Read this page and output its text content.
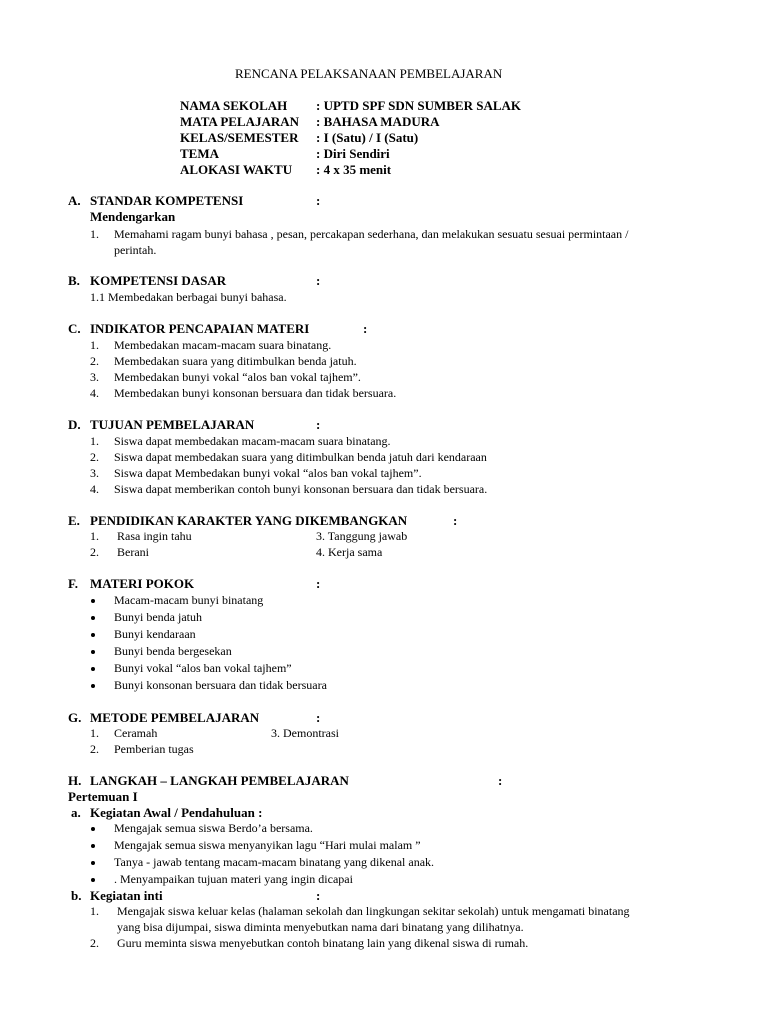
RENCANA PELAKSANAAN PEMBELAJARAN
NAMA SEKOLAH : UPTD SPF SDN SUMBER SALAK
MATA PELAJARAN : BAHASA MADURA
KELAS/SEMESTER : I (Satu) / I (Satu)
TEMA	: Diri Sendiri
ALOKASI WAKTU : 4 x 35 menit
A. STANDAR KOMPETENSI	:
Mendengarkan
1. Memahami ragam bunyi bahasa , pesan, percakapan sederhana, dan melakukan sesuatu sesuai permintaan /
perintah.
B. KOMPETENSI DASAR	:
1.1 Membedakan berbagai bunyi bahasa.
C. INDIKATOR PENCAPAIAN MATERI	:
1. Membedakan macam-macam suara binatang.
2. Membedakan suara yang ditimbulkan benda jatuh.
3. Membedakan bunyi vokal “alos ban vokal tajhem”.
4. Membedakan bunyi konsonan bersuara dan tidak bersuara.
D. TUJUAN PEMBELAJARAN	:
1. Siswa dapat membedakan macam-macam suara binatang.
2. Siswa dapat membedakan suara yang ditimbulkan benda jatuh dari kendaraan
3. Siswa dapat Membedakan bunyi vokal “alos ban vokal tajhem”.
4. Siswa dapat memberikan contoh bunyi konsonan bersuara dan tidak bersuara.
E. PENDIDIKAN KARAKTER YANG DIKEMBANGKAN	:
1. Rasa ingin tahu	3. Tanggung jawab
2. Berani	4. Kerja sama
F. MATERI POKOK	:
Macam-macam bunyi binatang
Bunyi benda jatuh
Bunyi kendaraan
Bunyi benda bergesekan
Bunyi vokal “alos ban vokal tajhem”
Bunyi konsonan bersuara dan tidak bersuara
G. METODE PEMBELAJARAN	:
1. Ceramah	3. Demontrasi
2. Pemberian tugas
H. LANGKAH – LANGKAH PEMBELAJARAN	:
Pertemuan I
a. Kegiatan Awal / Pendahuluan :
Mengajak semua siswa Berdo’a bersama.
Mengajak semua siswa menyanyikan lagu “Hari mulai malam ”
Tanya - jawab tentang macam-macam binatang yang dikenal anak.
. Menyampaikan tujuan materi yang ingin dicapai
b. Kegiatan inti	:
1. Mengajak siswa keluar kelas (halaman sekolah dan lingkungan sekitar sekolah) untuk mengamati binatang
yang bisa dijumpai, siswa diminta menyebutkan nama dari binatang yang dilihatnya.
2. Guru meminta siswa menyebutkan contoh binatang lain yang dikenal siswa di rumah.
